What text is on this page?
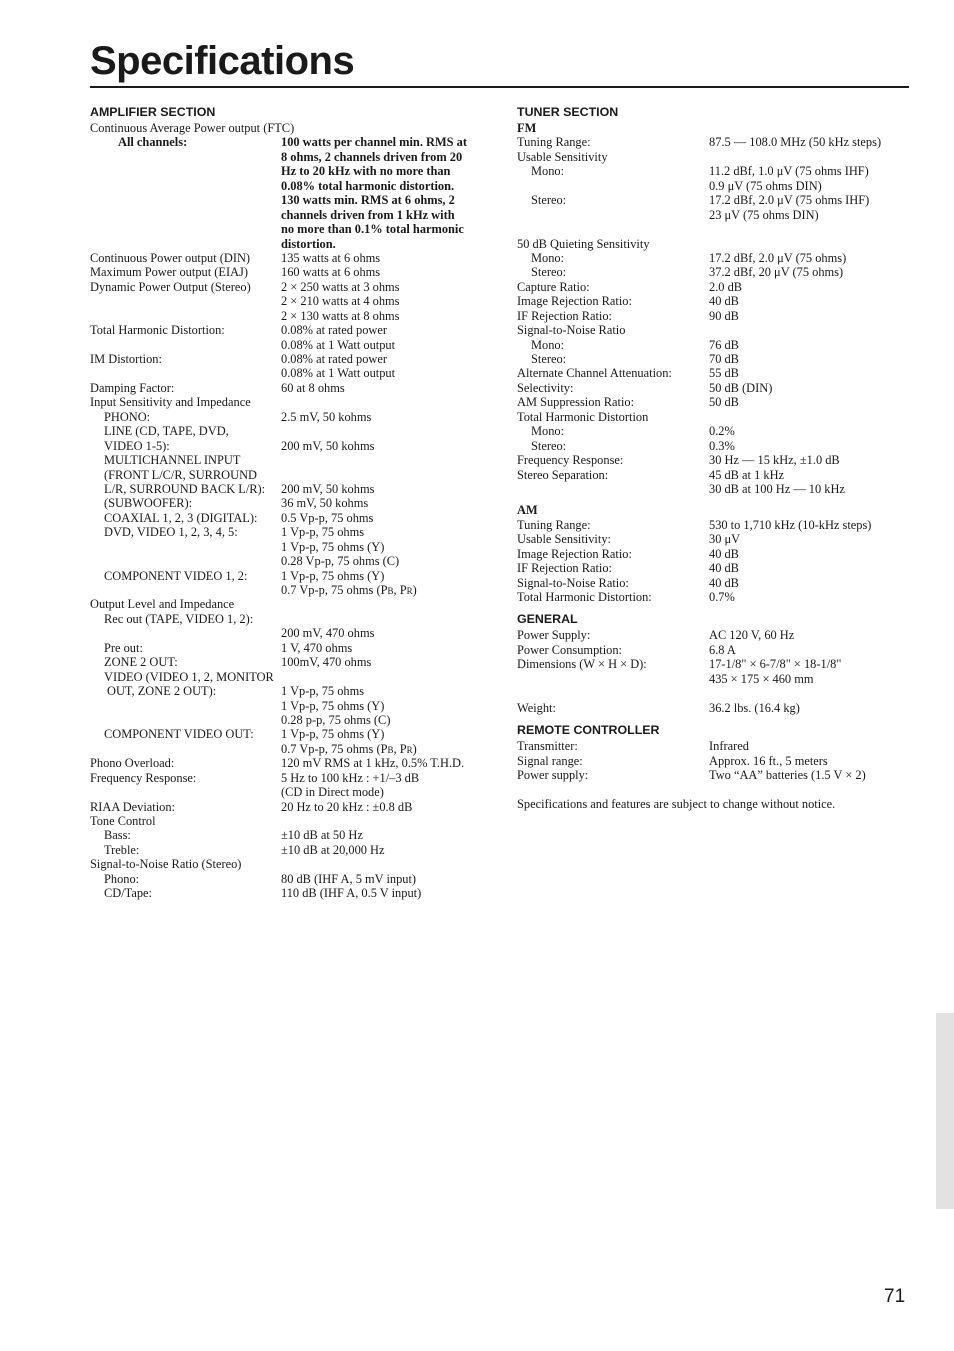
Specifications
AMPLIFIER SECTION
Continuous Average Power output (FTC)
All channels:	100 watts per channel min. RMS at
8 ohms, 2 channels driven from 20
Hz to 20 kHz with no more than
0.08% total harmonic distortion.
130 watts min. RMS at 6 ohms, 2
channels driven from 1 kHz with
no more than 0.1% total harmonic
distortion.
Continuous Power output (DIN) 135 watts at 6 ohms
Maximum Power output (EIAJ)	160 watts at 6 ohms
Dynamic Power Output (Stereo) 2 × 250 watts at 3 ohms
2 × 210 watts at 4 ohms
2 × 130 watts at 8 ohms
Total Harmonic Distortion:	0.08% at rated power
0.08% at 1 Watt output
IM Distortion:	0.08% at rated power
0.08% at 1 Watt output
Damping Factor:	60 at 8 ohms
Input Sensitivity and Impedance
PHONO:	2.5 mV, 50 kohms
LINE (CD, TAPE, DVD,
VIDEO 1-5):	200 mV, 50 kohms
MULTICHANNEL INPUT
(FRONT L/C/R, SURROUND
L/R, SURROUND BACK L/R): 200 mV, 50 kohms
(SUBWOOFER):	36 mV, 50 kohms
COAXIAL 1, 2, 3 (DIGITAL): 0.5 Vp-p, 75 ohms
DVD, VIDEO 1, 2, 3, 4, 5:	1 Vp-p, 75 ohms
1 Vp-p, 75 ohms (Y)
0.28 Vp-p, 75 ohms (C)
COMPONENT VIDEO 1, 2:	1 Vp-p, 75 ohms (Y)
0.7 Vp-p, 75 ohms (PB, PR)
Output Level and Impedance
Rec out (TAPE, VIDEO 1, 2):
200 mV, 470 ohms
Pre out:	1 V, 470 ohms
ZONE 2 OUT:	100mV, 470 ohms
VIDEO (VIDEO 1, 2, MONITOR
OUT, ZONE 2 OUT):	1 Vp-p, 75 ohms
1 Vp-p, 75 ohms (Y)
0.28 p-p, 75 ohms (C)
COMPONENT VIDEO OUT: 1 Vp-p, 75 ohms (Y)
0.7 Vp-p, 75 ohms (PB, PR)
Phono Overload:	120 mV RMS at 1 kHz, 0.5% T.H.D.
Frequency Response:	5 Hz to 100 kHz : +1/–3 dB
(CD in Direct mode)
RIAA Deviation:	20 Hz to 20 kHz : ±0.8 dB
Tone Control
Bass:	±10 dB at 50 Hz
Treble:	±10 dB at 20,000 Hz
Signal-to-Noise Ratio (Stereo)
Phono:	80 dB (IHF A, 5 mV input)
CD/Tape:	110 dB (IHF A, 0.5 V input)
TUNER SECTION
FM
Tuning Range:	87.5 — 108.0 MHz (50 kHz steps)
Usable Sensitivity
Mono:	11.2 dBf, 1.0 μV (75 ohms IHF)
0.9 μV (75 ohms DIN)
Stereo:	17.2 dBf, 2.0 μV (75 ohms IHF)
23 μV (75 ohms DIN)
50 dB Quieting Sensitivity
Mono:	17.2 dBf, 2.0 μV (75 ohms)
Stereo:	37.2 dBf, 20 μV (75 ohms)
Capture Ratio:	2.0 dB
Image Rejection Ratio:	40 dB
IF Rejection Ratio:	90 dB
Signal-to-Noise Ratio
Mono:	76 dB
Stereo:	70 dB
Alternate Channel Attenuation:	55 dB
Selectivity:	50 dB (DIN)
AM Suppression Ratio:	50 dB
Total Harmonic Distortion
Mono:	0.2%
Stereo:	0.3%
Frequency Response:	30 Hz — 15 kHz, ±1.0 dB
Stereo Separation:	45 dB at 1 kHz
30 dB at 100 Hz — 10 kHz
AM
Tuning Range:	530 to 1,710 kHz (10-kHz steps)
Usable Sensitivity:	30 μV
Image Rejection Ratio:	40 dB
IF Rejection Ratio:	40 dB
Signal-to-Noise Ratio:	40 dB
Total Harmonic Distortion:	0.7%
GENERAL
Power Supply:	AC 120 V, 60 Hz
Power Consumption:	6.8 A
Dimensions (W × H × D):	17-1/8" × 6-7/8" × 18-1/8"
435 × 175 × 460 mm
Weight:	36.2 lbs. (16.4 kg)
REMOTE CONTROLLER
Transmitter:	Infrared
Signal range:	Approx. 16 ft., 5 meters
Power supply:	Two “AA” batteries (1.5 V × 2)
Specifications and features are subject to change without notice.
71
